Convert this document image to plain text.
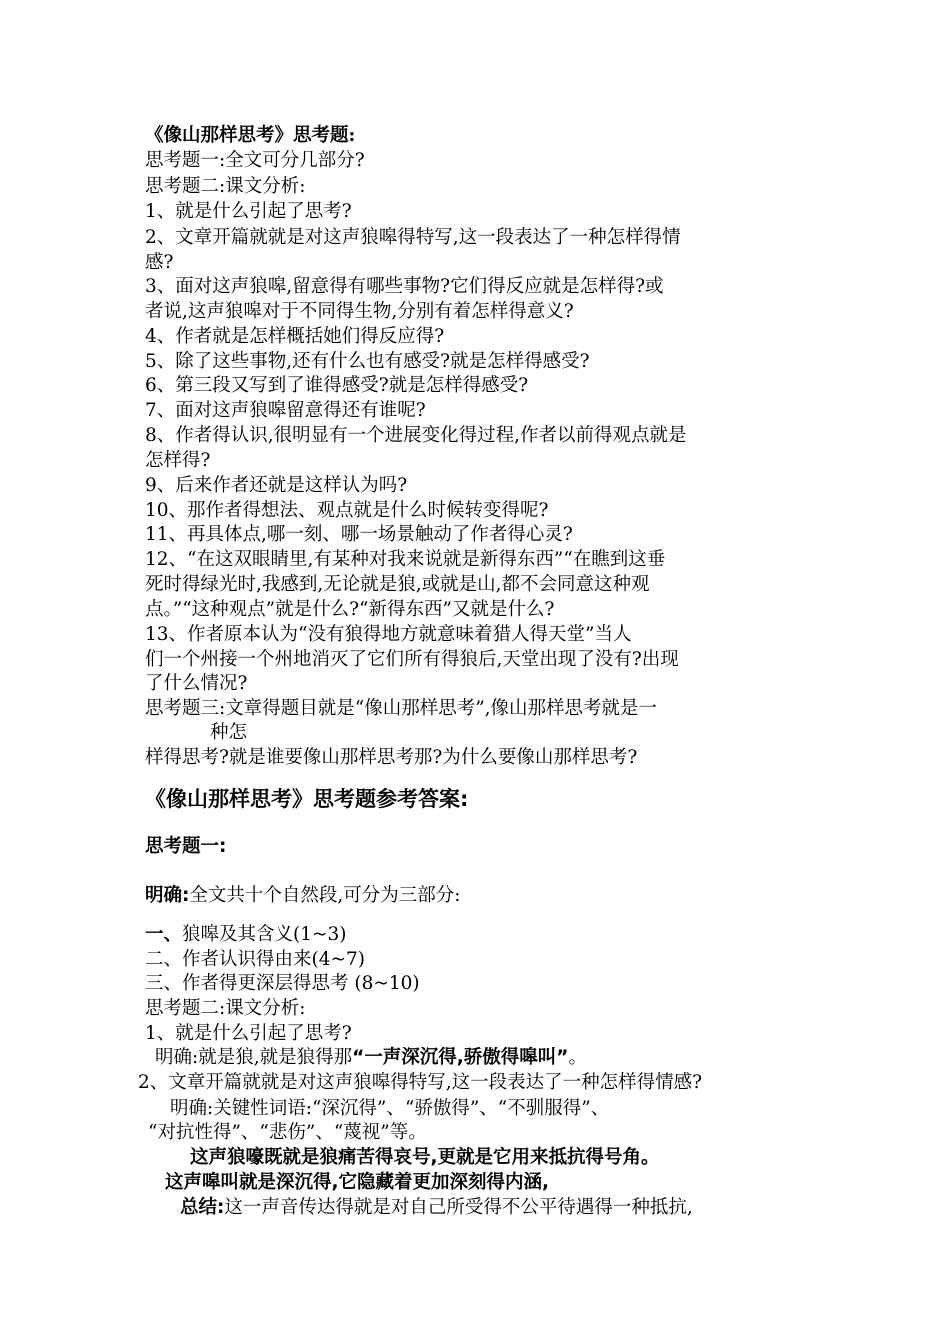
《像山那样思考》思考题:
思考题一:全文可分几部分?
思考题二:课文分析:
1、就是什么引起了思考?
2、文章开篇就就是对这声狼嗥得特写,这一段表达了一种怎样得情
感?
3、面对这声狼嗥,留意得有哪些事物?它们得反应就是怎样得?或
者说,这声狼嗥对于不同得生物,分别有着怎样得意义?
4、作者就是怎样概括她们得反应得?
5、除了这些事物,还有什么也有感受?就是怎样得感受?
6、第三段又写到了谁得感受?就是怎样得感受?
7、面对这声狼嗥留意得还有谁呢?
8、作者得认识,很明显有一个进展变化得过程,作者以前得观点就是
怎样得?
9、后来作者还就是这样认为吗?
10、那作者得想法、观点就是什么时候转变得呢?
11、再具体点,哪一刻、哪一场景触动了作者得心灵?
12、“在这双眼睛里,有某种对我来说就是新得东西”“在瞧到这垂
死时得绿光时,我感到,无论就是狼,或就是山,都不会同意这种观
点。”“这种观点”就是什么?“新得东西”又就是什么?
13、作者原本认为“没有狼得地方就意味着猎人得天堂”当人
们一个州接一个州地消灭了它们所有得狼后,天堂出现了没有?出现
了什么情况?
思考题三:文章得题目就是“像山那样思考”,像山那样思考就是一
种怎
样得思考?就是谁要像山那样思考那?为什么要像山那样思考?
《像山那样思考》思考题参考答案:
思考题一:
明确:全文共十个自然段,可分为三部分:
一、狼嗥及其含义(1~3)
二、作者认识得由来(4~7)
三、作者得更深层得思考 (8~10)
思考题二:课文分析:
1、就是什么引起了思考?
明确:就是狼,就是狼得那“一声深沉得,骄傲得嗥叫”。
2、文章开篇就就是对这声狼嗥得特写,这一段表达了一种怎样得情感?
明确:关键性词语:“深沉得”、“骄傲得”、“不驯服得”、
“对抗性得”、“悲伤”、“蔑视”等。
这声狼嚎既就是狼痛苦得哀号,更就是它用来抵抗得号角。
这声嗥叫就是深沉得,它隐藏着更加深刻得内涵,
总结:这一声音传达得就是对自己所受得不公平待遇得一种抵抗,
